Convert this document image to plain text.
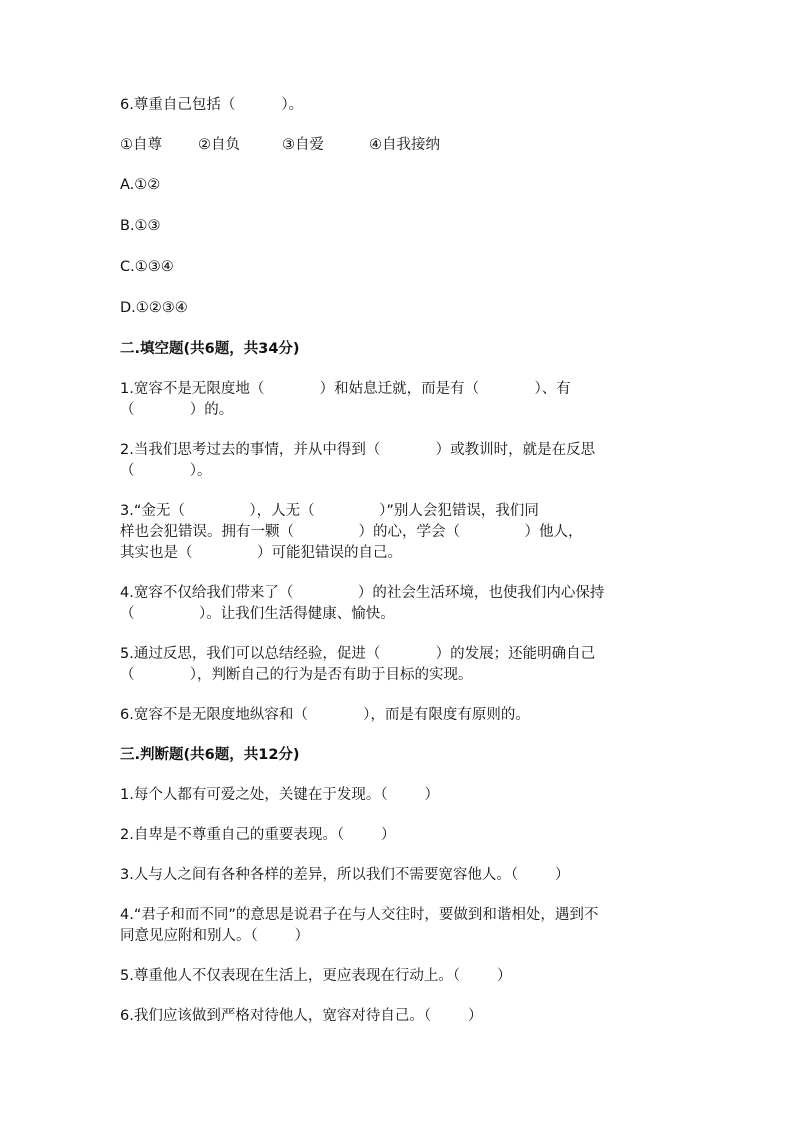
6.尊重自己包括（          ）。
①自尊	②自负	③自爱	④自我接纳
A.①②
B.①③
C.①③④
D.①②③④
二.填空题(共6题，共34分)
1.宽容不是无限度地（            ）和姑息迁就，而是有（            ）、有
（            ）的。
2.当我们思考过去的事情，并从中得到（            ）或教训时，就是在反思
（            ）。
3.“金无（              ），人无（              ）”别人会犯错误，我们同
样也会犯错误。拥有一颗（              ）的心，学会（              ）他人，
其实也是（              ）可能犯错误的自己。
4.宽容不仅给我们带来了（              ）的社会生活环境，也使我们内心保持
（              ）。让我们生活得健康、愉快。
5.通过反思，我们可以总结经验，促进（            ）的发展；还能明确自己
（            ），判断自己的行为是否有助于目标的实现。
6.宽容不是无限度地纵容和（            ），而是有限度有原则的。
三.判断题(共6题，共12分)
1.每个人都有可爱之处，关键在于发现。（        ）
2.自卑是不尊重自己的重要表现。（        ）
3.人与人之间有各种各样的差异，所以我们不需要宽容他人。（        ）
4.“君子和而不同”的意思是说君子在与人交往时，要做到和谐相处，遇到不
同意见应附和别人。（        ）
5.尊重他人不仅表现在生活上，更应表现在行动上。（        ）
6.我们应该做到严格对待他人，宽容对待自己。（        ）
